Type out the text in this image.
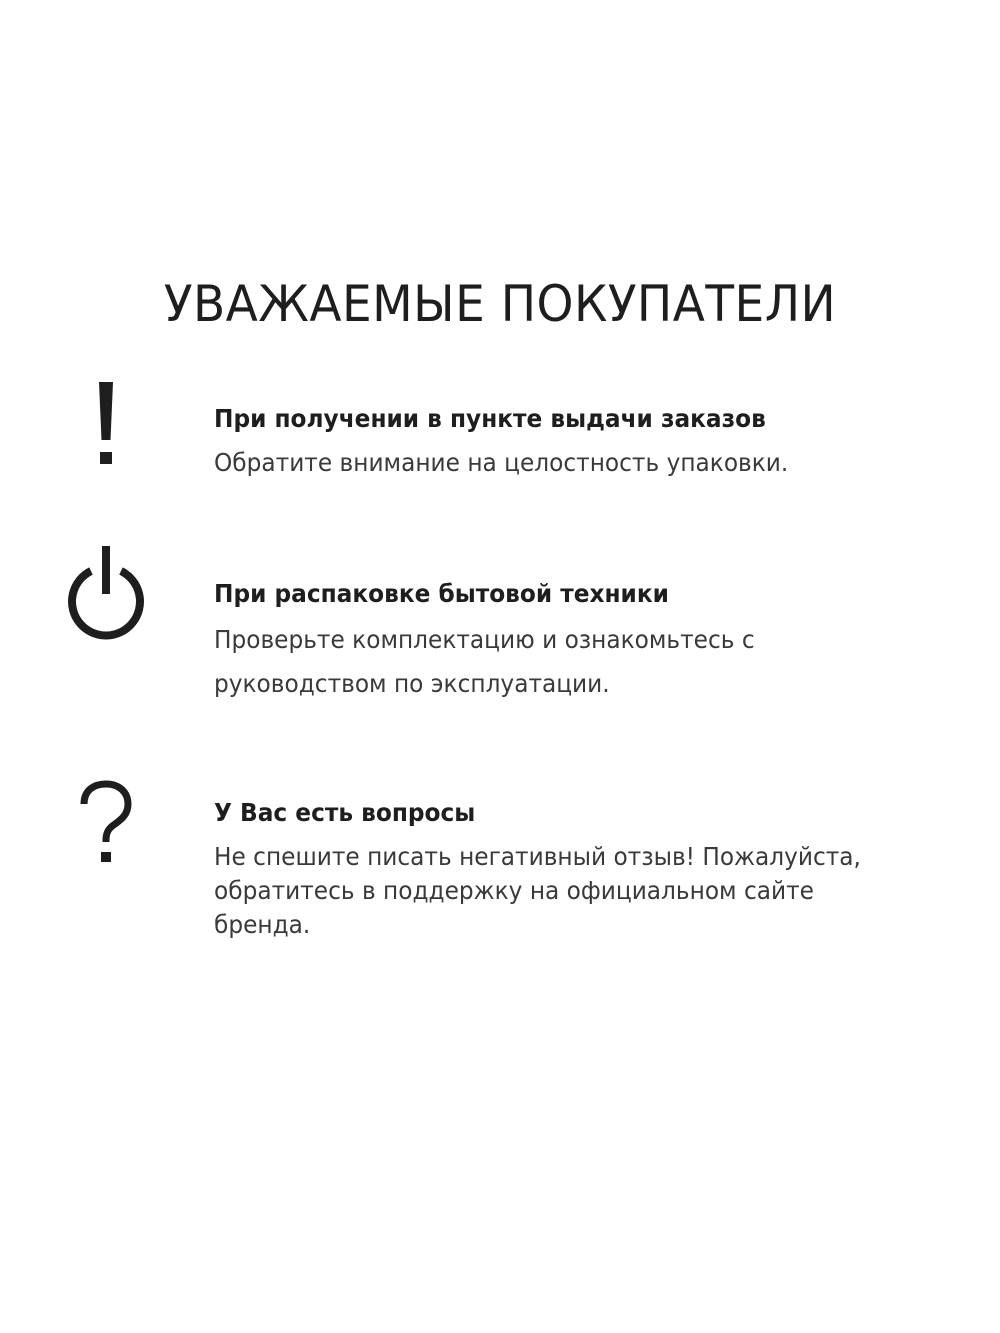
УВАЖАЕМЫЕ ПОКУПАТЕЛИ
При получении в пункте выдачи заказов
Обратите внимание на целостность упаковки.
При распаковке бытовой техники
Проверьте комплектацию и ознакомьтесь с
руководством по эксплуатации.
У Вас есть вопросы
Не спешите писать негативный отзыв! Пожалуйста,
обратитесь в поддержку на официальном сайте
бренда.
